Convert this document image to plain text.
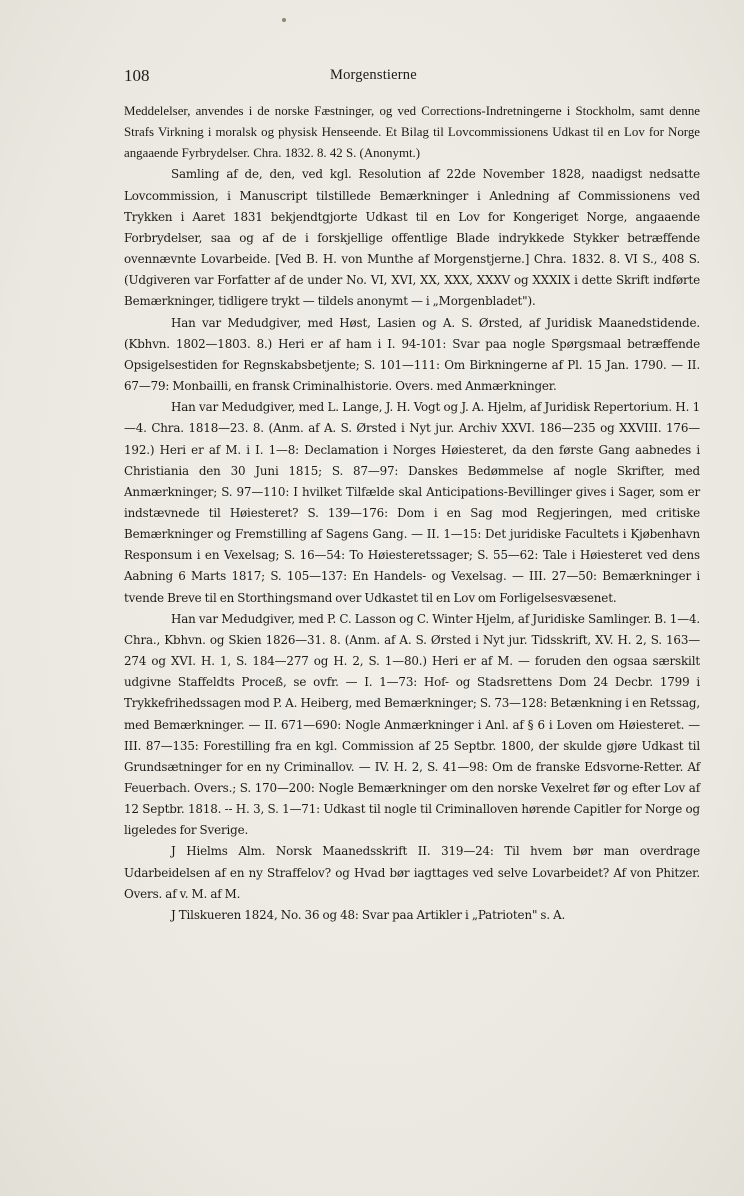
108	Morgenstierne

Meddelelser, anvendes i de norske Fæstninger, og ved Corrections-Indretningerne i Stockholm, samt denne Strafs Virkning i moralsk og physisk Henseende. Et Bilag til Lovcommissionens Udkast til en Lov for Norge angaaende Fyrbrydelser. Chra. 1832. 8. 42 S. (Anonymt.)

Samling af de, den, ved kgl. Resolution af 22de November 1828, naadigst nedsatte Lovcommission, i Manuscript tilstillede Bemærkninger i Anledning af Commissionens ved Trykken i Aaret 1831 bekjendtgjorte Udkast til en Lov for Kongeriget Norge, angaaende Forbrydelser, saa og af de i forskjellige offentlige Blade indrykkede Stykker betræffende ovennævnte Lovarbeide. [Ved B. H. von Munthe af Morgenstjerne.] Chra. 1832. 8. VI S., 408 S. (Udgiveren var Forfatter af de under No. VI, XVI, XX, XXX, XXXV og XXXIX i dette Skrift indførte Bemærkninger, tidligere trykt — tildels anonymt — i „Morgenbladet").

Han var Medudgiver, med Høst, Lasien og A. S. Ørsted, af Juridisk Maanedstidende. (Kbhvn. 1802—1803. 8.) Heri er af ham i I. 94-101: Svar paa nogle Spørgsmaal betræffende Opsigelsestiden for Regnskabsbetjente; S. 101—111: Om Birkningerne af Pl. 15 Jan. 1790. — II. 67—79: Monbailli, en fransk Criminalhistorie. Overs. med Anmærkninger.

Han var Medudgiver, med L. Lange, J. H. Vogt og J. A. Hjelm, af Juridisk Repertorium. H. 1—4. Chra. 1818—23. 8. (Anm. af A. S. Ørsted i Nyt jur. Archiv XXVI. 186—235 og XXVIII. 176—192.) Heri er af M. i I. 1—8: Declamation i Norges Høiesteret, da den første Gang aabnedes i Christiania den 30 Juni 1815; S. 87—97: Danskes Bedømmelse af nogle Skrifter, med Anmærkninger; S. 97—110: I hvilket Tilfælde skal Anticipations-Bevillinger gives i Sager, som er indstævnede til Høiesteret? S. 139—176: Dom i en Sag mod Regjeringen, med critiske Bemærkninger og Fremstilling af Sagens Gang. — II. 1—15: Det juridiske Facultets i Kjøbenhavn Responsum i en Vexelsag; S. 16—54: To Høiesteretssager; S. 55—62: Tale i Høiesteret ved dens Aabning 6 Marts 1817; S. 105—137: En Handels- og Vexelsag. — III. 27—50: Bemærkninger i tvende Breve til en Storthingsmand over Udkastet til en Lov om Forligelsesvæsenet.

Han var Medudgiver, med P. C. Lasson og C. Winter Hjelm, af Juridiske Samlinger. B. 1—4. Chra., Kbhvn. og Skien 1826—31. 8. (Anm. af A. S. Ørsted i Nyt jur. Tidsskrift, XV. H. 2, S. 163—274 og XVI. H. 1, S. 184—277 og H. 2, S. 1—80.) Heri er af M. — foruden den ogsaa særskilt udgivne Staffeldts Proceß, se ovfr. — I. 1—73: Hof- og Stadsrettens Dom 24 Decbr. 1799 i Trykkefrihedssagen mod P. A. Heiberg, med Bemærkninger; S. 73—128: Betænkning i en Retssag, med Bemærkninger. — II. 671—690: Nogle Anmærkninger i Anl. af § 6 i Loven om Høiesteret. — III. 87—135: Forestilling fra en kgl. Commission af 25 Septbr. 1800, der skulde gjøre Udkast til Grundsætninger for en ny Criminallov. — IV. H. 2, S. 41—98: Om de franske Edsvorne-Retter. Af Feuerbach. Overs.; S. 170—200: Nogle Bemærkninger om den norske Vexelret før og efter Lov af 12 Septbr. 1818. -- H. 3, S. 1—71: Udkast til nogle til Criminalloven hørende Capitler for Norge og ligeledes for Sverige.

J Hielms Alm. Norsk Maanedsskrift II. 319—24: Til hvem bør man overdrage Udarbeidelsen af en ny Straffelov? og Hvad bør iagttages ved selve Lovarbeidet? Af von Phitzer. Overs. af v. M. af M.

J Tilskueren 1824, No. 36 og 48: Svar paa Artikler i „Patrioten" s. A.
